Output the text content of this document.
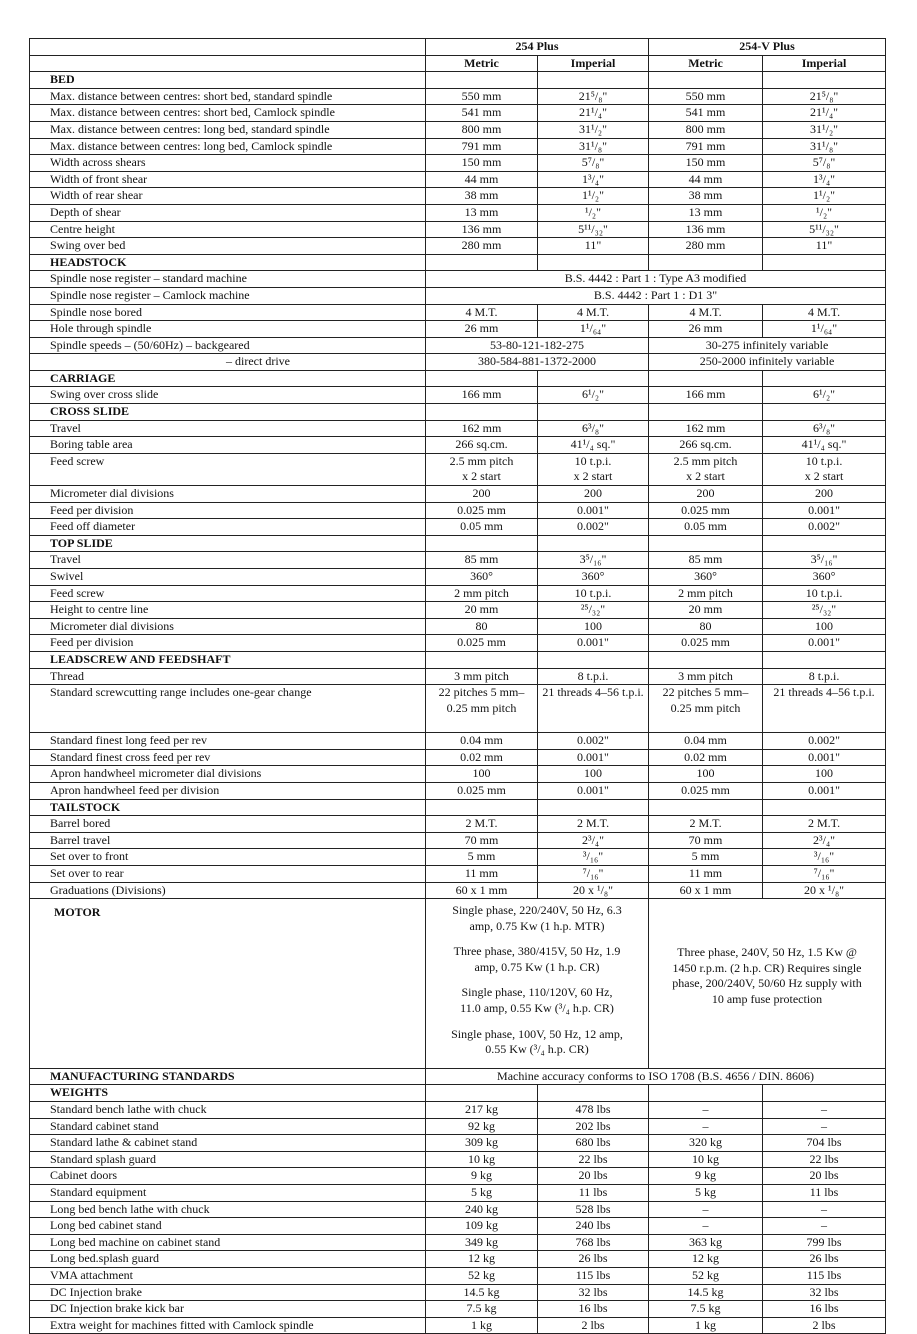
	254 Plus		254-V Plus	
	Metric	Imperial	Metric	Imperial
BED				
Max. distance between centres: short bed, standard spindle	550 mm	21⁵/₈"	550 mm	21⁵/₈"
Max. distance between centres: short bed, Camlock spindle	541 mm	21¹/₄"	541 mm	21¹/₄"
Max. distance between centres: long bed, standard spindle	800 mm	31¹/₂"	800 mm	31¹/₂"
Max. distance between centres: long bed, Camlock spindle	791 mm	31¹/₈"	791 mm	31¹/₈"
Width across shears	150 mm	5⁷/₈"	150 mm	5⁷/₈"
Width of front shear	44 mm	1³/₄"	44 mm	1³/₄"
Width of rear shear	38 mm	1¹/₂"	38 mm	1¹/₂"
Depth of shear	13 mm	¹/₂"	13 mm	¹/₂"
Centre height	136 mm	5¹¹/₃₂"	136 mm	5¹¹/₃₂"
Swing over bed	280 mm	11"	280 mm	11"
HEADSTOCK				
Spindle nose register – standard machine	B.S. 4442 : Part 1 : Type A3 modified			
Spindle nose register – Camlock machine	B.S. 4442 : Part 1 : D1 3"			
Spindle nose bored	4 M.T.	4 M.T.	4 M.T.	4 M.T.
Hole through spindle	26 mm	1¹/₆₄"	26 mm	1¹/₆₄"
Spindle speeds – (50/60Hz) – backgeared	53-80-121-182-275		30-275 infinitely variable	
– direct drive	380-584-881-1372-2000		250-2000 infinitely variable	
CARRIAGE				
Swing over cross slide	166 mm	6¹/₂"	166 mm	6¹/₂"
CROSS SLIDE				
Travel	162 mm	6³/₈"	162 mm	6³/₈"
Boring table area	266 sq.cm.	41¹/₄ sq."	266 sq.cm.	41¹/₄ sq."
Feed screw	2.5 mm pitch	10 t.p.i.	2.5 mm pitch	10 t.p.i.
	x 2 start	x 2 start	x 2 start	x 2 start
Micrometer dial divisions	200	200	200	200
Feed per division	0.025 mm	0.001"	0.025 mm	0.001"
Feed off diameter	0.05 mm	0.002"	0.05 mm	0.002"
TOP SLIDE				
Travel	85 mm	3⁵/₁₆"	85 mm	3⁵/₁₆"
Swivel	360°	360°	360°	360°
Feed screw	2 mm pitch	10 t.p.i.	2 mm pitch	10 t.p.i.
Height to centre line	20 mm	²⁵/₃₂"	20 mm	²⁵/₃₂"
Micrometer dial divisions	80	100	80	100
Feed per division	0.025 mm	0.001"	0.025 mm	0.001"
LEADSCREW AND FEEDSHAFT				
Thread	3 mm pitch	8 t.p.i.	3 mm pitch	8 t.p.i.
Standard screwcutting range includes one-gear change	22 pitches 5 mm–0.25 mm pitch	21 threads 4–56 t.p.i.	22 pitches 5 mm–0.25 mm pitch	21 threads 4–56 t.p.i.
Standard finest long feed per rev	0.04 mm	0.002"	0.04 mm	0.002"
Standard finest cross feed per rev	0.02 mm	0.001"	0.02 mm	0.001"
Apron handwheel micrometer dial divisions	100	100	100	100
Apron handwheel feed per division	0.025 mm	0.001"	0.025 mm	0.001"
TAILSTOCK				
Barrel bored	2 M.T.	2 M.T.	2 M.T.	2 M.T.
Barrel travel	70 mm	2³/₄"	70 mm	2³/₄"
Set over to front	5 mm	³/₁₆"	5 mm	³/₁₆"
Set over to rear	11 mm	⁷/₁₆"	11 mm	⁷/₁₆"
Graduations (Divisions)	60 x 1 mm	20 x ¹/₈"	60 x 1 mm	20 x ¹/₈"
MOTOR	Single phase, 220/240V, 50 Hz, 6.3 amp, 0.75 Kw (1 h.p. MTR)

Three phase, 380/415V, 50 Hz, 1.9 amp, 0.75 Kw (1 h.p. CR)

Single phase, 110/120V, 60 Hz, 11.0 amp, 0.55 Kw (³/₄ h.p. CR)

Single phase, 100V, 50 Hz, 12 amp, 0.55 Kw (³/₄ h.p. CR)		Three phase, 240V, 50 Hz, 1.5 Kw @ 1450 r.p.m. (2 h.p. CR) Requires single phase, 200/240V, 50/60 Hz supply with 10 amp fuse protection	

MANUFACTURING STANDARDS	Machine accuracy conforms to ISO 1708 (B.S. 4656 / DIN. 8606)			
WEIGHTS				
Standard bench lathe with chuck	217 kg	478 lbs	–	–
Standard cabinet stand	92 kg	202 lbs	–	–
Standard lathe & cabinet stand	309 kg	680 lbs	320 kg	704 lbs
Standard splash guard	10 kg	22 lbs	10 kg	22 lbs
Cabinet doors	9 kg	20 lbs	9 kg	20 lbs
Standard equipment	5 kg	11 lbs	5 kg	11 lbs
Long bed bench lathe with chuck	240 kg	528 lbs	–	–
Long bed cabinet stand	109 kg	240 lbs	–	–
Long bed machine on cabinet stand	349 kg	768 lbs	363 kg	799 lbs
Long bed.splash guard	12 kg	26 lbs	12 kg	26 lbs
VMA attachment	52 kg	115 lbs	52 kg	115 lbs
DC Injection brake	14.5 kg	32 lbs	14.5 kg	32 lbs
DC Injection brake kick bar	7.5 kg	16 lbs	7.5 kg	16 lbs
Extra weight for machines fitted with Camlock spindle	1 kg	2 lbs	1 kg	2 lbs
